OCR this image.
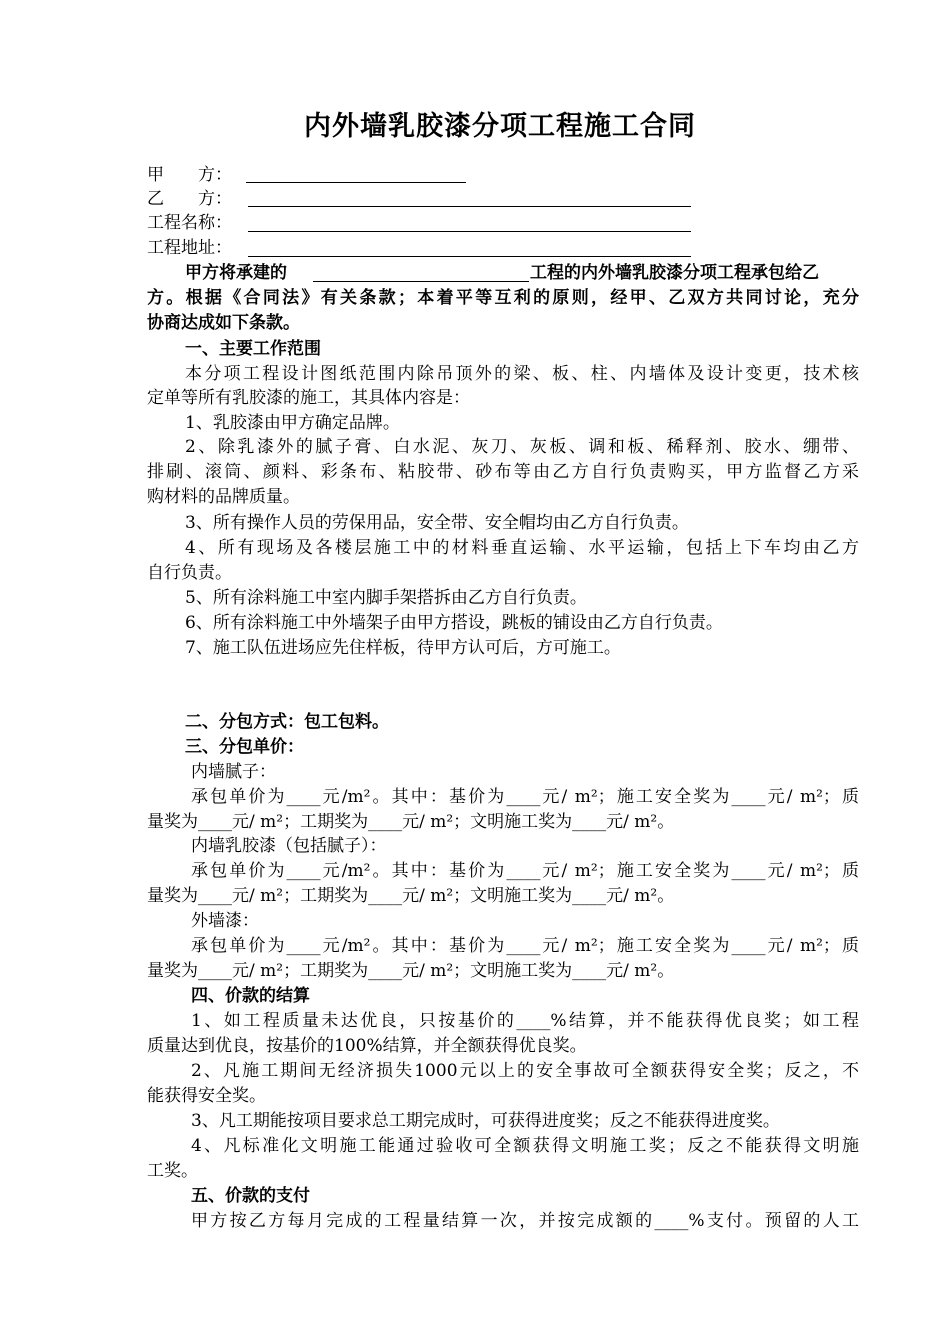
内外墙乳胶漆分项工程施工合同
甲　　方：
乙　　方：
工程名称：
工程地址：
甲方将承建的	工程的内外墙乳胶漆分项工程承包给乙
方。根据《合同法》有关条款；本着平等互利的原则，经甲、乙双方共同讨论，充分
协商达成如下条款。
一、主要工作范围
本分项工程设计图纸范围内除吊顶外的梁、板、柱、内墙体及设计变更，技术核
定单等所有乳胶漆的施工，其具体内容是：
1、乳胶漆由甲方确定品牌。
2、除乳漆外的腻子膏、白水泥、灰刀、灰板、调和板、稀释剂、胶水、绷带、
排刷、滚筒、颜料、彩条布、粘胶带、砂布等由乙方自行负责购买，甲方监督乙方采
购材料的品牌质量。
3、所有操作人员的劳保用品，安全带、安全帽均由乙方自行负责。
4、所有现场及各楼层施工中的材料垂直运输、水平运输，包括上下车均由乙方
自行负责。
5、所有涂料施工中室内脚手架搭拆由乙方自行负责。
6、所有涂料施工中外墙架子由甲方搭设，跳板的铺设由乙方自行负责。
7、施工队伍进场应先住样板，待甲方认可后，方可施工。
二、分包方式：包工包料。
三、分包单价：
内墙腻子：
承包单价为____元/m²。其中：基价为____元/ m²；施工安全奖为____元/ m²；质
量奖为____元/ m²；工期奖为____元/ m²；文明施工奖为____元/ m²。
内墙乳胶漆（包括腻子）：
承包单价为____元/m²。其中：基价为____元/ m²；施工安全奖为____元/ m²；质
量奖为____元/ m²；工期奖为____元/ m²；文明施工奖为____元/ m²。
外墙漆：
承包单价为____元/m²。其中：基价为____元/ m²；施工安全奖为____元/ m²；质
量奖为____元/ m²；工期奖为____元/ m²；文明施工奖为____元/ m²。
四、价款的结算
1、如工程质量未达优良，只按基价的____%结算，并不能获得优良奖；如工程
质量达到优良，按基价的100%结算，并全额获得优良奖。
2、凡施工期间无经济损失1000元以上的安全事故可全额获得安全奖；反之，不
能获得安全奖。
3、凡工期能按项目要求总工期完成时，可获得进度奖；反之不能获得进度奖。
4、凡标准化文明施工能通过验收可全额获得文明施工奖；反之不能获得文明施
工奖。
五、价款的支付
甲方按乙方每月完成的工程量结算一次，并按完成额的____%支付。预留的人工
